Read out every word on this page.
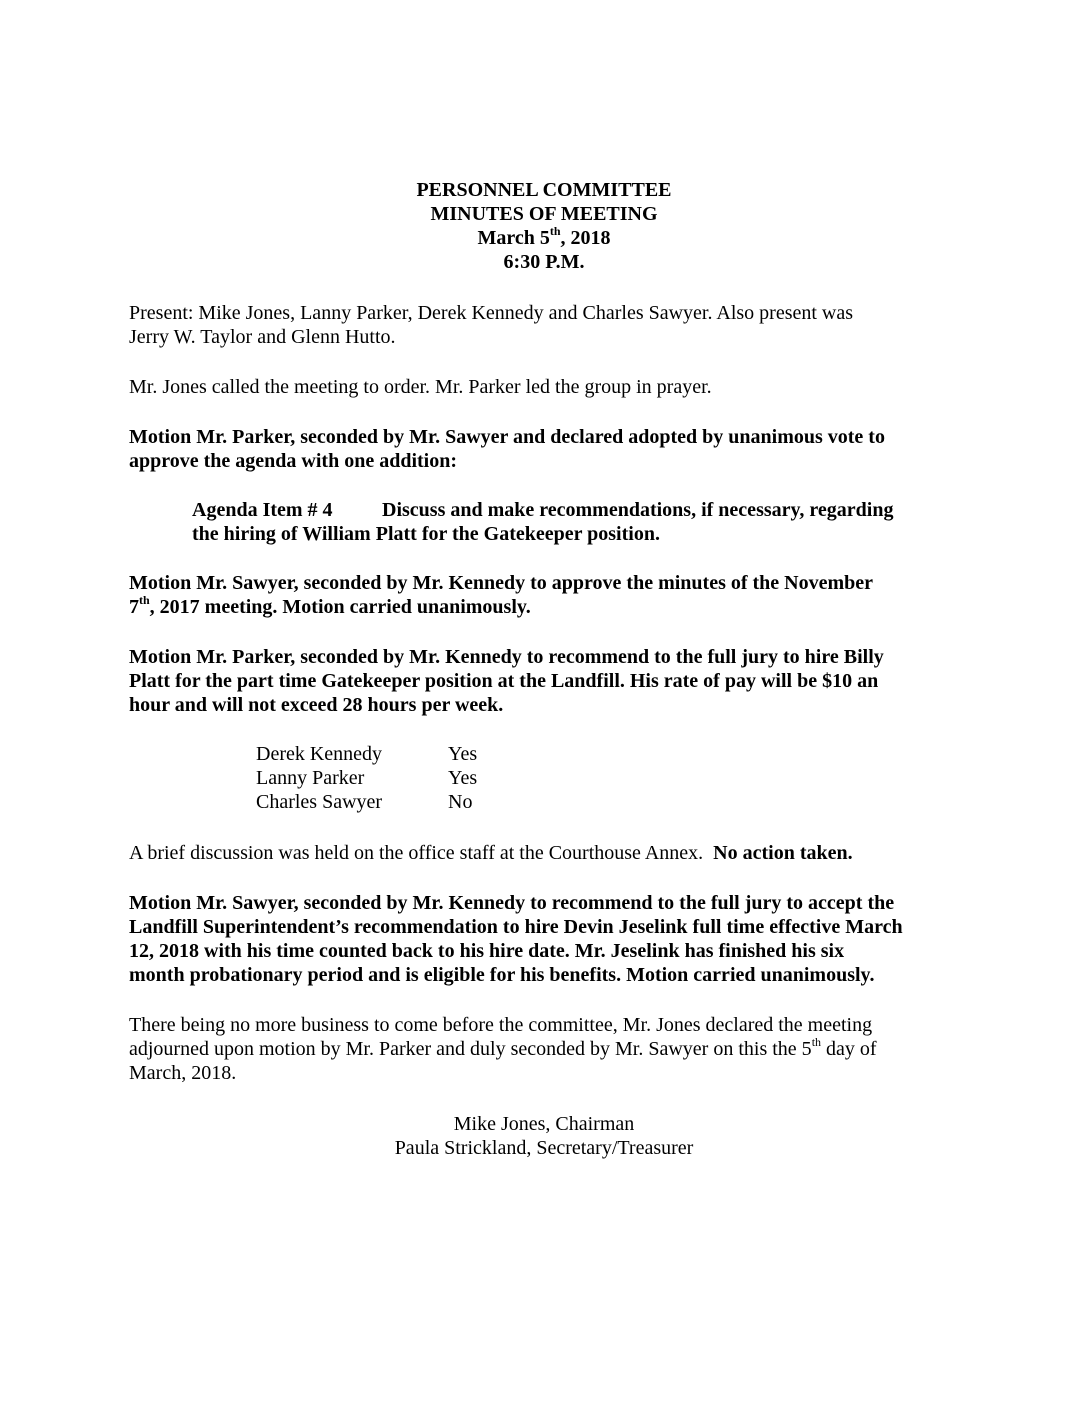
PERSONNEL COMMITTEE
MINUTES OF MEETING
March 5th, 2018
6:30 P.M.
Present: Mike Jones, Lanny Parker, Derek Kennedy and Charles Sawyer. Also present was
Jerry W. Taylor and Glenn Hutto.
Mr. Jones called the meeting to order. Mr. Parker led the group in prayer.
Motion Mr. Parker, seconded by Mr. Sawyer and declared adopted by unanimous vote to
approve the agenda with one addition:
Agenda Item # 4 Discuss and make recommendations, if necessary, regarding
the hiring of William Platt for the Gatekeeper position.
Motion Mr. Sawyer, seconded by Mr. Kennedy to approve the minutes of the November
7th, 2017 meeting. Motion carried unanimously.
Motion Mr. Parker, seconded by Mr. Kennedy to recommend to the full jury to hire Billy
Platt for the part time Gatekeeper position at the Landfill. His rate of pay will be $10 an
hour and will not exceed 28 hours per week.
Derek Kennedy	Yes
Lanny Parker	Yes
Charles Sawyer	No
A brief discussion was held on the office staff at the Courthouse Annex.  No action taken.
Motion Mr. Sawyer, seconded by Mr. Kennedy to recommend to the full jury to accept the
Landfill Superintendent’s recommendation to hire Devin Jeselink full time effective March
12, 2018 with his time counted back to his hire date. Mr. Jeselink has finished his six
month probationary period and is eligible for his benefits. Motion carried unanimously.
There being no more business to come before the committee, Mr. Jones declared the meeting
adjourned upon motion by Mr. Parker and duly seconded by Mr. Sawyer on this the 5th day of
March, 2018.
Mike Jones, Chairman
Paula Strickland, Secretary/Treasurer
